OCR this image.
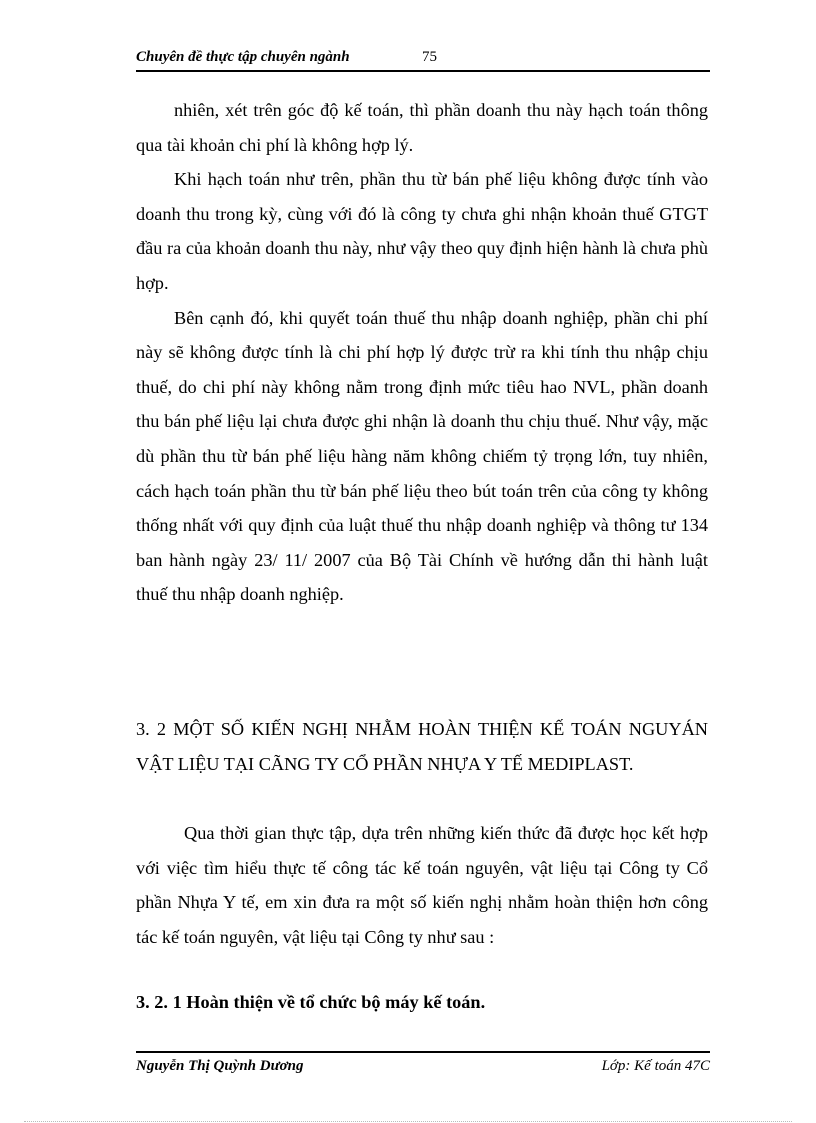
Chuyên đề thực tập chuyên ngành	75

nhiên, xét trên góc độ kế toán, thì phần doanh thu này hạch toán thông qua tài khoản chi phí là không hợp lý.

Khi hạch toán như trên, phần thu từ bán phế liệu không được tính vào doanh thu trong kỳ, cùng với đó là công ty chưa ghi nhận khoản thuế GTGT đầu ra của khoản doanh thu này, như vậy theo quy định hiện hành là chưa phù hợp.

Bên cạnh đó, khi quyết toán thuế thu nhập doanh nghiệp, phần chi phí này sẽ không được tính là chi phí hợp lý được trừ ra khi tính thu nhập chịu thuế, do chi phí này không nằm trong định mức tiêu hao NVL, phần doanh thu bán phế liệu lại chưa được ghi nhận là doanh thu chịu thuế. Như vậy, mặc dù phần thu từ bán phế liệu hàng năm không chiếm tỷ trọng lớn, tuy nhiên, cách hạch toán phần thu từ bán phế liệu theo bút toán trên của công ty không thống nhất với quy định của luật thuế thu nhập doanh nghiệp và thông tư 134 ban hành ngày 23/ 11/ 2007 của Bộ Tài Chính về hướng dẫn thi hành luật thuế thu nhập doanh nghiệp.

3. 2 MỘT SỐ KIẾN NGHỊ NHẰM HOÀN THIỆN KẾ TOÁN NGUYÁN VẬT LIỆU TẠI CÃNG TY CỔ PHẦN NHỰA Y TẾ MEDIPLAST.

Qua thời gian thực tập, dựa trên những kiến thức đã được học kết hợp với việc tìm hiểu thực tế công tác kế toán nguyên, vật liệu tại Công ty Cổ phần Nhựa Y tế, em xin đưa ra một số kiến nghị nhằm hoàn thiện hơn công tác kế toán nguyên, vật liệu tại Công ty như sau :

3. 2. 1 Hoàn thiện về tổ chức bộ máy kế toán.
Nguyễn Thị Quỳnh Dương	Lớp: Kế toán 47C
